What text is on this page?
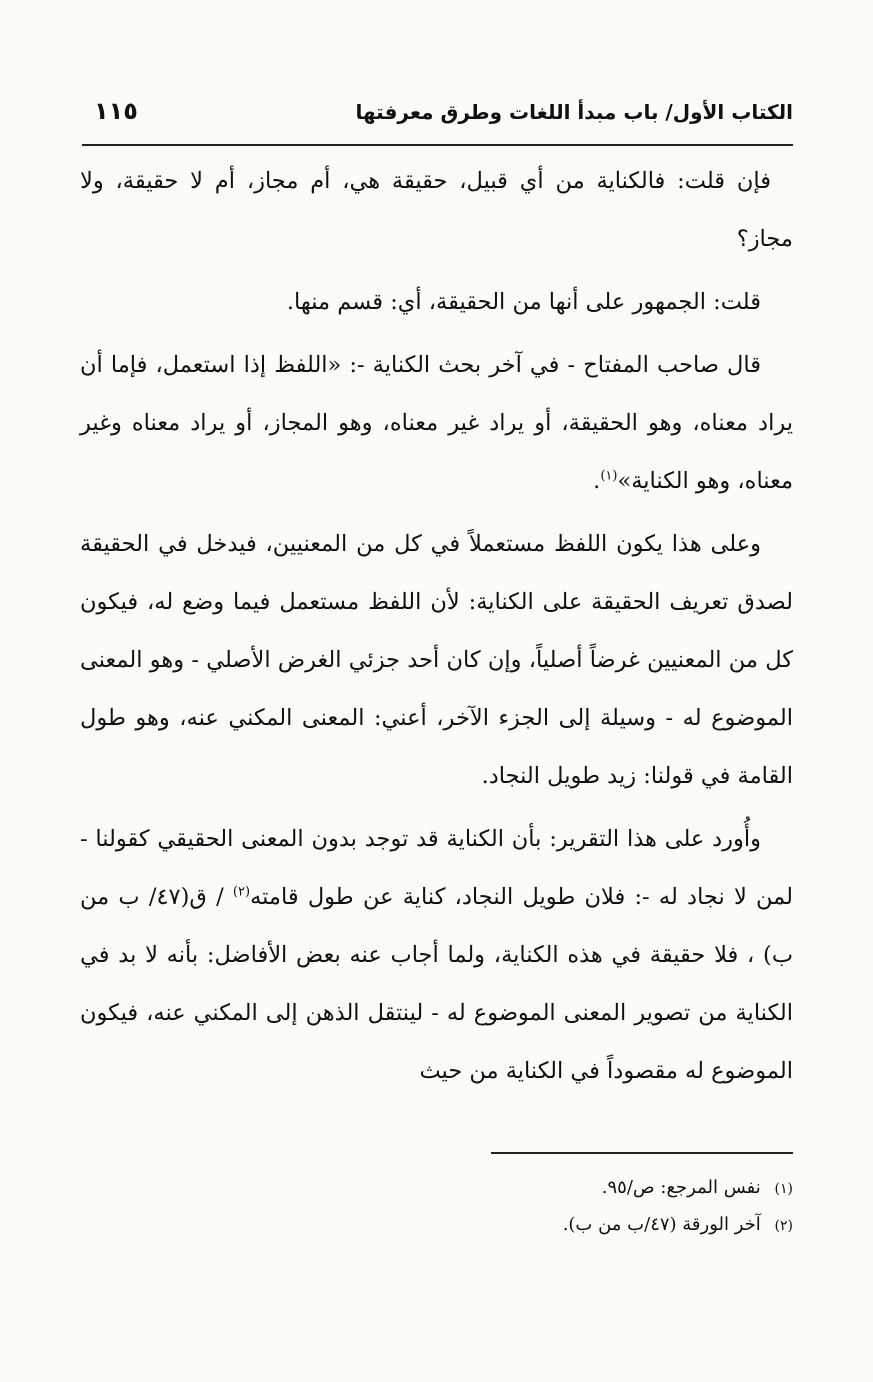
الكتاب الأول/ باب مبدأ اللغات وطرق معرفتها
١١٥

فإن قلت: فالكناية من أي قبيل، حقيقة هي، أم مجاز، أم لا حقيقة، ولا مجاز؟

قلت: الجمهور على أنها من الحقيقة، أي: قسم منها.

قال صاحب المفتاح - في آخر بحث الكناية -: «اللفظ إذا استعمل، فإما أن يراد معناه، وهو الحقيقة، أو يراد غير معناه، وهو المجاز، أو يراد معناه وغير معناه، وهو الكناية»$^{(١)}$.

وعلى هذا يكون اللفظ مستعملاً في كل من المعنيين، فيدخل في الحقيقة لصدق تعريف الحقيقة على الكناية: لأن اللفظ مستعمل فيما وضع له، فيكون كل من المعنيين غرضاً أصلياً، وإن كان أحد جزئي الغرض الأصلي - وهو المعنى الموضوع له - وسيلة إلى الجزء الآخر، أعني: المعنى المكني عنه، وهو طول القامة في قولنا: زيد طويل النجاد.

وأُورد على هذا التقرير: بأن الكناية قد توجد بدون المعنى الحقيقي كقولنا - لمن لا نجاد له -: فلان طويل النجاد، كناية عن طول قامته$^{(٢)}$ / ق(٤٧/ ب من ب) ، فلا حقيقة في هذه الكناية، ولما أجاب عنه بعض الأفاضل: بأنه لا بد في الكناية من تصوير المعنى الموضوع له - لينتقل الذهن إلى المكني عنه، فيكون الموضوع له مقصوداً في الكناية من حيث

(١) نفس المرجع: ص/٩٥.
(٢) آخر الورقة (٤٧/ب من ب).
